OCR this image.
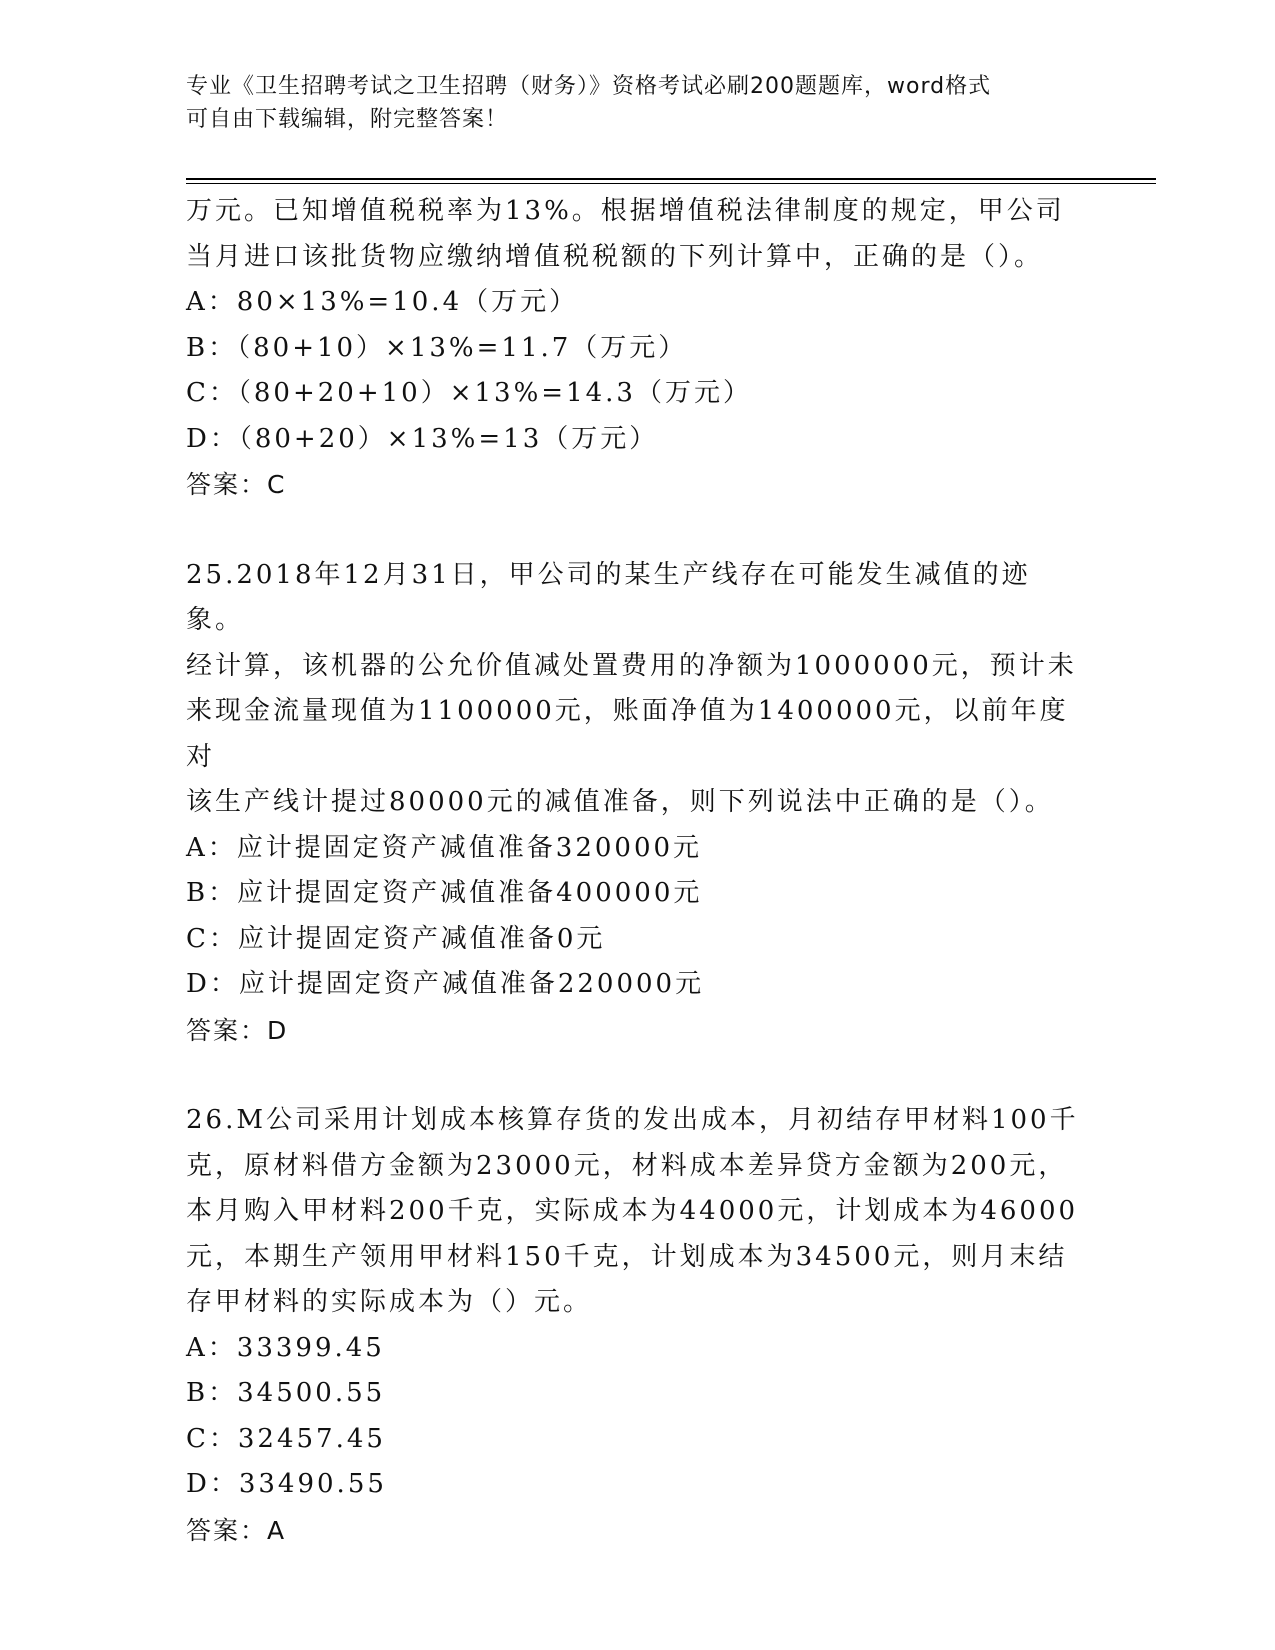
专业《卫生招聘考试之卫生招聘（财务）》资格考试必刷200题题库，word格式
可自由下载编辑，附完整答案！

万元。已知增值税税率为13%。根据增值税法律制度的规定，甲公司

当月进口该批货物应缴纳增值税税额的下列计算中，正确的是（）。

A：80×13%=10.4（万元）

B：（80+10）×13%=11.7（万元）

C：（80+20+10）×13%=14.3（万元）

D：（80+20）×13%=13（万元）

答案：C

25.2018年12月31日，甲公司的某生产线存在可能发生减值的迹象。

经计算，该机器的公允价值减处置费用的净额为1000000元，预计未

来现金流量现值为1100000元，账面净值为1400000元，以前年度对

该生产线计提过80000元的减值准备，则下列说法中正确的是（）。

A：应计提固定资产减值准备320000元

B：应计提固定资产减值准备400000元

C：应计提固定资产减值准备0元

D：应计提固定资产减值准备220000元

答案：D

26.M公司采用计划成本核算存货的发出成本，月初结存甲材料100千

克，原材料借方金额为23000元，材料成本差异贷方金额为200元，

本月购入甲材料200千克，实际成本为44000元，计划成本为46000

元，本期生产领用甲材料150千克，计划成本为34500元，则月末结

存甲材料的实际成本为（）元。

A：33399.45

B：34500.55

C：32457.45

D：33490.55

答案：A
